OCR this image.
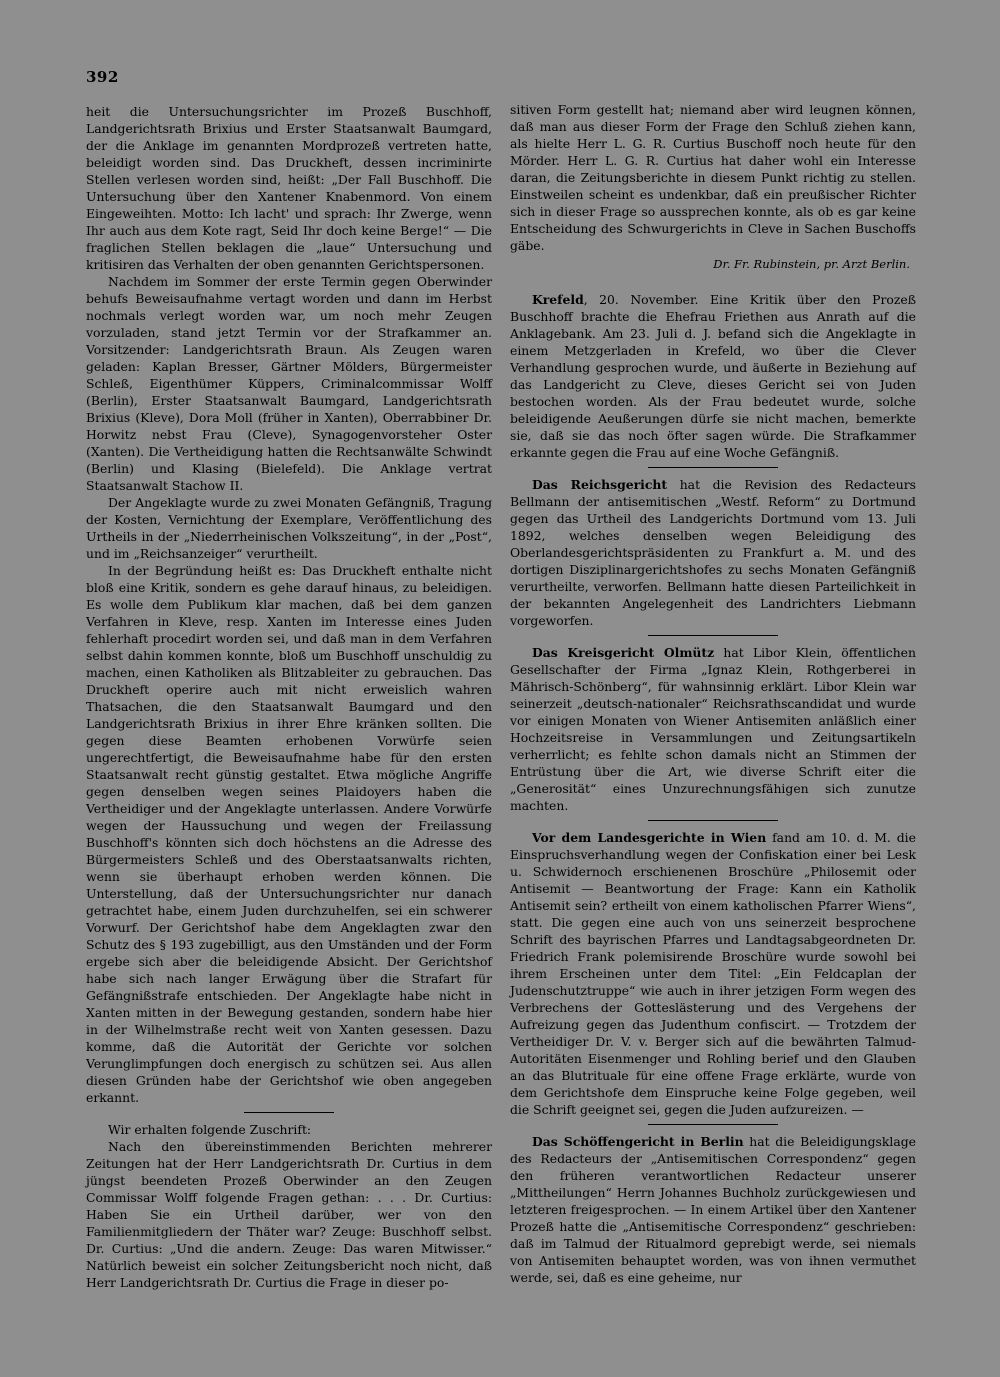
392

heit die Untersuchungsrichter im Prozeß Buschhoff, Landgerichtsrath Brixius und Erster Staatsanwalt Baumgard, der die Anklage im genannten Mordprozeß vertreten hatte, beleidigt worden sind. Das Druckheft, dessen incriminirte Stellen verlesen worden sind, heißt: „Der Fall Buschhoff. Die Untersuchung über den Xantener Knabenmord. Von einem Eingeweihten. Motto: Ich lacht' und sprach: Ihr Zwerge, wenn Ihr auch aus dem Kote ragt, Seid Ihr doch keine Berge!“ — Die fraglichen Stellen beklagen die „laue“ Untersuchung und kritisiren das Verhalten der oben genannten Gerichtspersonen.

Nachdem im Sommer der erste Termin gegen Oberwinder behufs Beweisaufnahme vertagt worden und dann im Herbst nochmals verlegt worden war, um noch mehr Zeugen vorzuladen, stand jetzt Termin vor der Strafkammer an. Vorsitzender: Landgerichtsrath Braun. Als Zeugen waren geladen: Kaplan Bresser, Gärtner Mölders, Bürgermeister Schleß, Eigenthümer Küppers, Criminalcommissar Wolff (Berlin), Erster Staatsanwalt Baumgard, Landgerichtsrath Brixius (Kleve), Dora Moll (früher in Xanten), Oberrabbiner Dr. Horwitz nebst Frau (Cleve), Synagogenvorsteher Oster (Xanten). Die Vertheidigung hatten die Rechtsanwälte Schwindt (Berlin) und Klasing (Bielefeld). Die Anklage vertrat Staatsanwalt Stachow II.

Der Angeklagte wurde zu zwei Monaten Gefängniß, Tragung der Kosten, Vernichtung der Exemplare, Veröffentlichung des Urtheils in der „Niederrheinischen Volkszeitung“, in der „Post“, und im „Reichsanzeiger“ verurtheilt.

In der Begründung heißt es: Das Druckheft enthalte nicht bloß eine Kritik, sondern es gehe darauf hinaus, zu beleidigen. Es wolle dem Publikum klar machen, daß bei dem ganzen Verfahren in Kleve, resp. Xanten im Interesse eines Juden fehlerhaft procedirt worden sei, und daß man in dem Verfahren selbst dahin kommen konnte, bloß um Buschhoff unschuldig zu machen, einen Katholiken als Blitzableiter zu gebrauchen. Das Druckheft operire auch mit nicht erweislich wahren Thatsachen, die den Staatsanwalt Baumgard und den Landgerichtsrath Brixius in ihrer Ehre kränken sollten. Die gegen diese Beamten erhobenen Vorwürfe seien ungerechtfertigt, die Beweisaufnahme habe für den ersten Staatsanwalt recht günstig gestaltet. Etwa mögliche Angriffe gegen denselben wegen seines Plaidoyers haben die Vertheidiger und der Angeklagte unterlassen. Andere Vorwürfe wegen der Haussuchung und wegen der Freilassung Buschhoff's könnten sich doch höchstens an die Adresse des Bürgermeisters Schleß und des Oberstaatsanwalts richten, wenn sie überhaupt erhoben werden können. Die Unterstellung, daß der Untersuchungsrichter nur danach getrachtet habe, einem Juden durchzuhelfen, sei ein schwerer Vorwurf. Der Gerichtshof habe dem Angeklagten zwar den Schutz des § 193 zugebilligt, aus den Umständen und der Form ergebe sich aber die beleidigende Absicht. Der Gerichtshof habe sich nach langer Erwägung über die Strafart für Gefängnißstrafe entschieden. Der Angeklagte habe nicht in Xanten mitten in der Bewegung gestanden, sondern habe hier in der Wilhelmstraße recht weit von Xanten gesessen. Dazu komme, daß die Autorität der Gerichte vor solchen Verunglimpfungen doch energisch zu schützen sei. Aus allen diesen Gründen habe der Gerichtshof wie oben angegeben erkannt.

Wir erhalten folgende Zuschrift:

Nach den übereinstimmenden Berichten mehrerer Zeitungen hat der Herr Landgerichtsrath Dr. Curtius in dem jüngst beendeten Prozeß Oberwinder an den Zeugen Commissar Wolff folgende Fragen gethan: . . . Dr. Curtius: Haben Sie ein Urtheil darüber, wer von den Familienmitgliedern der Thäter war? Zeuge: Buschhoff selbst. Dr. Curtius: „Und die andern. Zeuge: Das waren Mitwisser.“ Natürlich beweist ein solcher Zeitungsbericht noch nicht, daß Herr Landgerichtsrath Dr. Curtius die Frage in dieser po-

sitiven Form gestellt hat; niemand aber wird leugnen können, daß man aus dieser Form der Frage den Schluß ziehen kann, als hielte Herr L. G. R. Curtius Buschoff noch heute für den Mörder. Herr L. G. R. Curtius hat daher wohl ein Interesse daran, die Zeitungsberichte in diesem Punkt richtig zu stellen. Einstweilen scheint es undenkbar, daß ein preußischer Richter sich in dieser Frage so aussprechen konnte, als ob es gar keine Entscheidung des Schwurgerichts in Cleve in Sachen Buschoffs gäbe.

Dr. Fr. Rubinstein, pr. Arzt Berlin.

Krefeld, 20. November. Eine Kritik über den Prozeß Buschhoff brachte die Ehefrau Friethen aus Anrath auf die Anklagebank. Am 23. Juli d. J. befand sich die Angeklagte in einem Metzgerladen in Krefeld, wo über die Clever Verhandlung gesprochen wurde, und äußerte in Beziehung auf das Landgericht zu Cleve, dieses Gericht sei von Juden bestochen worden. Als der Frau bedeutet wurde, solche beleidigende Aeußerungen dürfe sie nicht machen, bemerkte sie, daß sie das noch öfter sagen würde. Die Strafkammer erkannte gegen die Frau auf eine Woche Gefängniß.

Das Reichsgericht hat die Revision des Redacteurs Bellmann der antisemitischen „Westf. Reform“ zu Dortmund gegen das Urtheil des Landgerichts Dortmund vom 13. Juli 1892, welches denselben wegen Beleidigung des Oberlandesgerichtspräsidenten zu Frankfurt a. M. und des dortigen Disziplinargerichtshofes zu sechs Monaten Gefängniß verurtheilte, verworfen. Bellmann hatte diesen Parteilichkeit in der bekannten Angelegenheit des Landrichters Liebmann vorgeworfen.

Das Kreisgericht Olmütz hat Libor Klein, öffentlichen Gesellschafter der Firma „Ignaz Klein, Rothgerberei in Mährisch-Schönberg“, für wahnsinnig erklärt. Libor Klein war seinerzeit „deutsch-nationaler“ Reichsrathscandidat und wurde vor einigen Monaten von Wiener Antisemiten anläßlich einer Hochzeitsreise in Versammlungen und Zeitungsartikeln verherrlicht; es fehlte schon damals nicht an Stimmen der Entrüstung über die Art, wie diverse Schrift eiter die „Generosität“ eines Unzurechnungsfähigen sich zunutze machten.

Vor dem Landesgerichte in Wien fand am 10. d. M. die Einspruchsverhandlung wegen der Confiskation einer bei Lesk u. Schwidernoch erschienenen Broschüre „Philosemit oder Antisemit — Beantwortung der Frage: Kann ein Katholik Antisemit sein? ertheilt von einem katholischen Pfarrer Wiens“, statt. Die gegen eine auch von uns seinerzeit besprochene Schrift des bayrischen Pfarres und Landtagsabgeordneten Dr. Friedrich Frank polemisirende Broschüre wurde sowohl bei ihrem Erscheinen unter dem Titel: „Ein Feldcaplan der Judenschutztruppe“ wie auch in ihrer jetzigen Form wegen des Verbrechens der Gotteslästerung und des Vergehens der Aufreizung gegen das Judenthum confiscirt. — Trotzdem der Vertheidiger Dr. V. v. Berger sich auf die bewährten Talmud-Autoritäten Eisenmenger und Rohling berief und den Glauben an das Blutrituale für eine offene Frage erklärte, wurde von dem Gerichtshofe dem Einspruche keine Folge gegeben, weil die Schrift geeignet sei, gegen die Juden aufzureizen. —

Das Schöffengericht in Berlin hat die Beleidigungsklage des Redacteurs der „Antisemitischen Correspondenz“ gegen den früheren verantwortlichen Redacteur unserer „Mittheilungen“ Herrn Johannes Buchholz zurückgewiesen und letzteren freigesprochen. — In einem Artikel über den Xantener Prozeß hatte die „Antisemitische Correspondenz“ geschrieben: daß im Talmud der Ritualmord geprebigt werde, sei niemals von Antisemiten behauptet worden, was von ihnen vermuthet werde, sei, daß es eine geheime, nur
